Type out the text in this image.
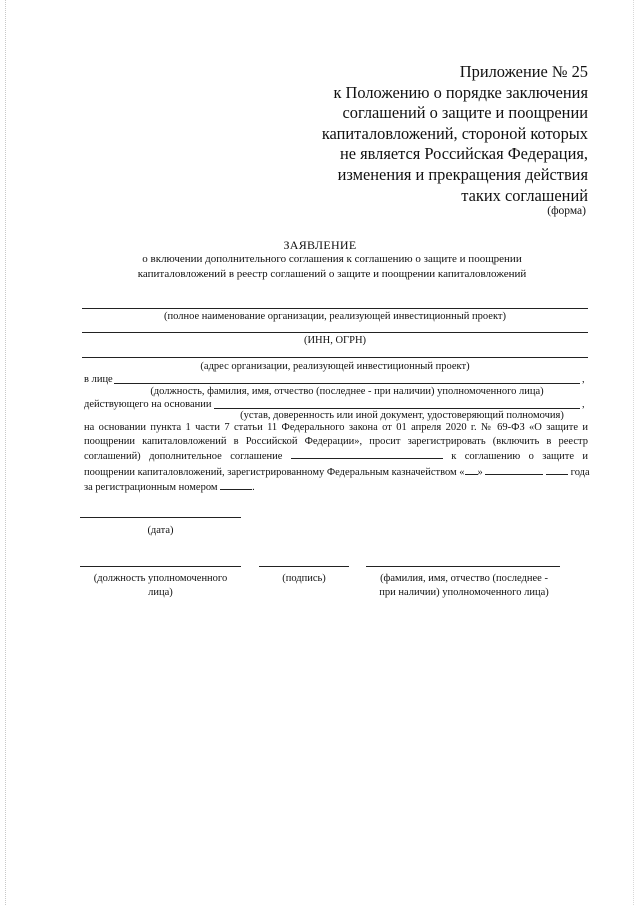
Приложение № 25
к Положению о порядке заключения
соглашений о защите и поощрении
капиталовложений, стороной которых
не является Российская Федерация,
изменения и прекращения действия
таких соглашений
(форма)
ЗАЯВЛЕНИЕ
о включении дополнительного соглашения к соглашению о защите и поощрении
капиталовложений в реестр соглашений о защите и поощрении капиталовложений
(полное наименование организации, реализующей инвестиционный проект)
(ИНН, ОГРН)
(адрес организации, реализующей инвестиционный проект)
в лице	,
(должность, фамилия, имя, отчество (последнее - при наличии) уполномоченного лица)
действующего на основании	,
(устав, доверенность или иной документ, удостоверяющий полномочия)
на основании пункта 1 части 7 статьи 11 Федерального закона от 01 апреля 2020 г. № 69-ФЗ «О защите и
поощрении капиталовложений в Российской Федерации», просит зарегистрировать (включить в реестр
соглашений) дополнительное соглашение	к соглашению о защите и
поощрении капиталовложений, зарегистрированному Федеральным казначейством « »	года
за регистрационным номером	.
(дата)
(должность уполномоченного
лица)
(подпись)	(фамилия, имя, отчество (последнее -
при наличии) уполномоченного лица)
